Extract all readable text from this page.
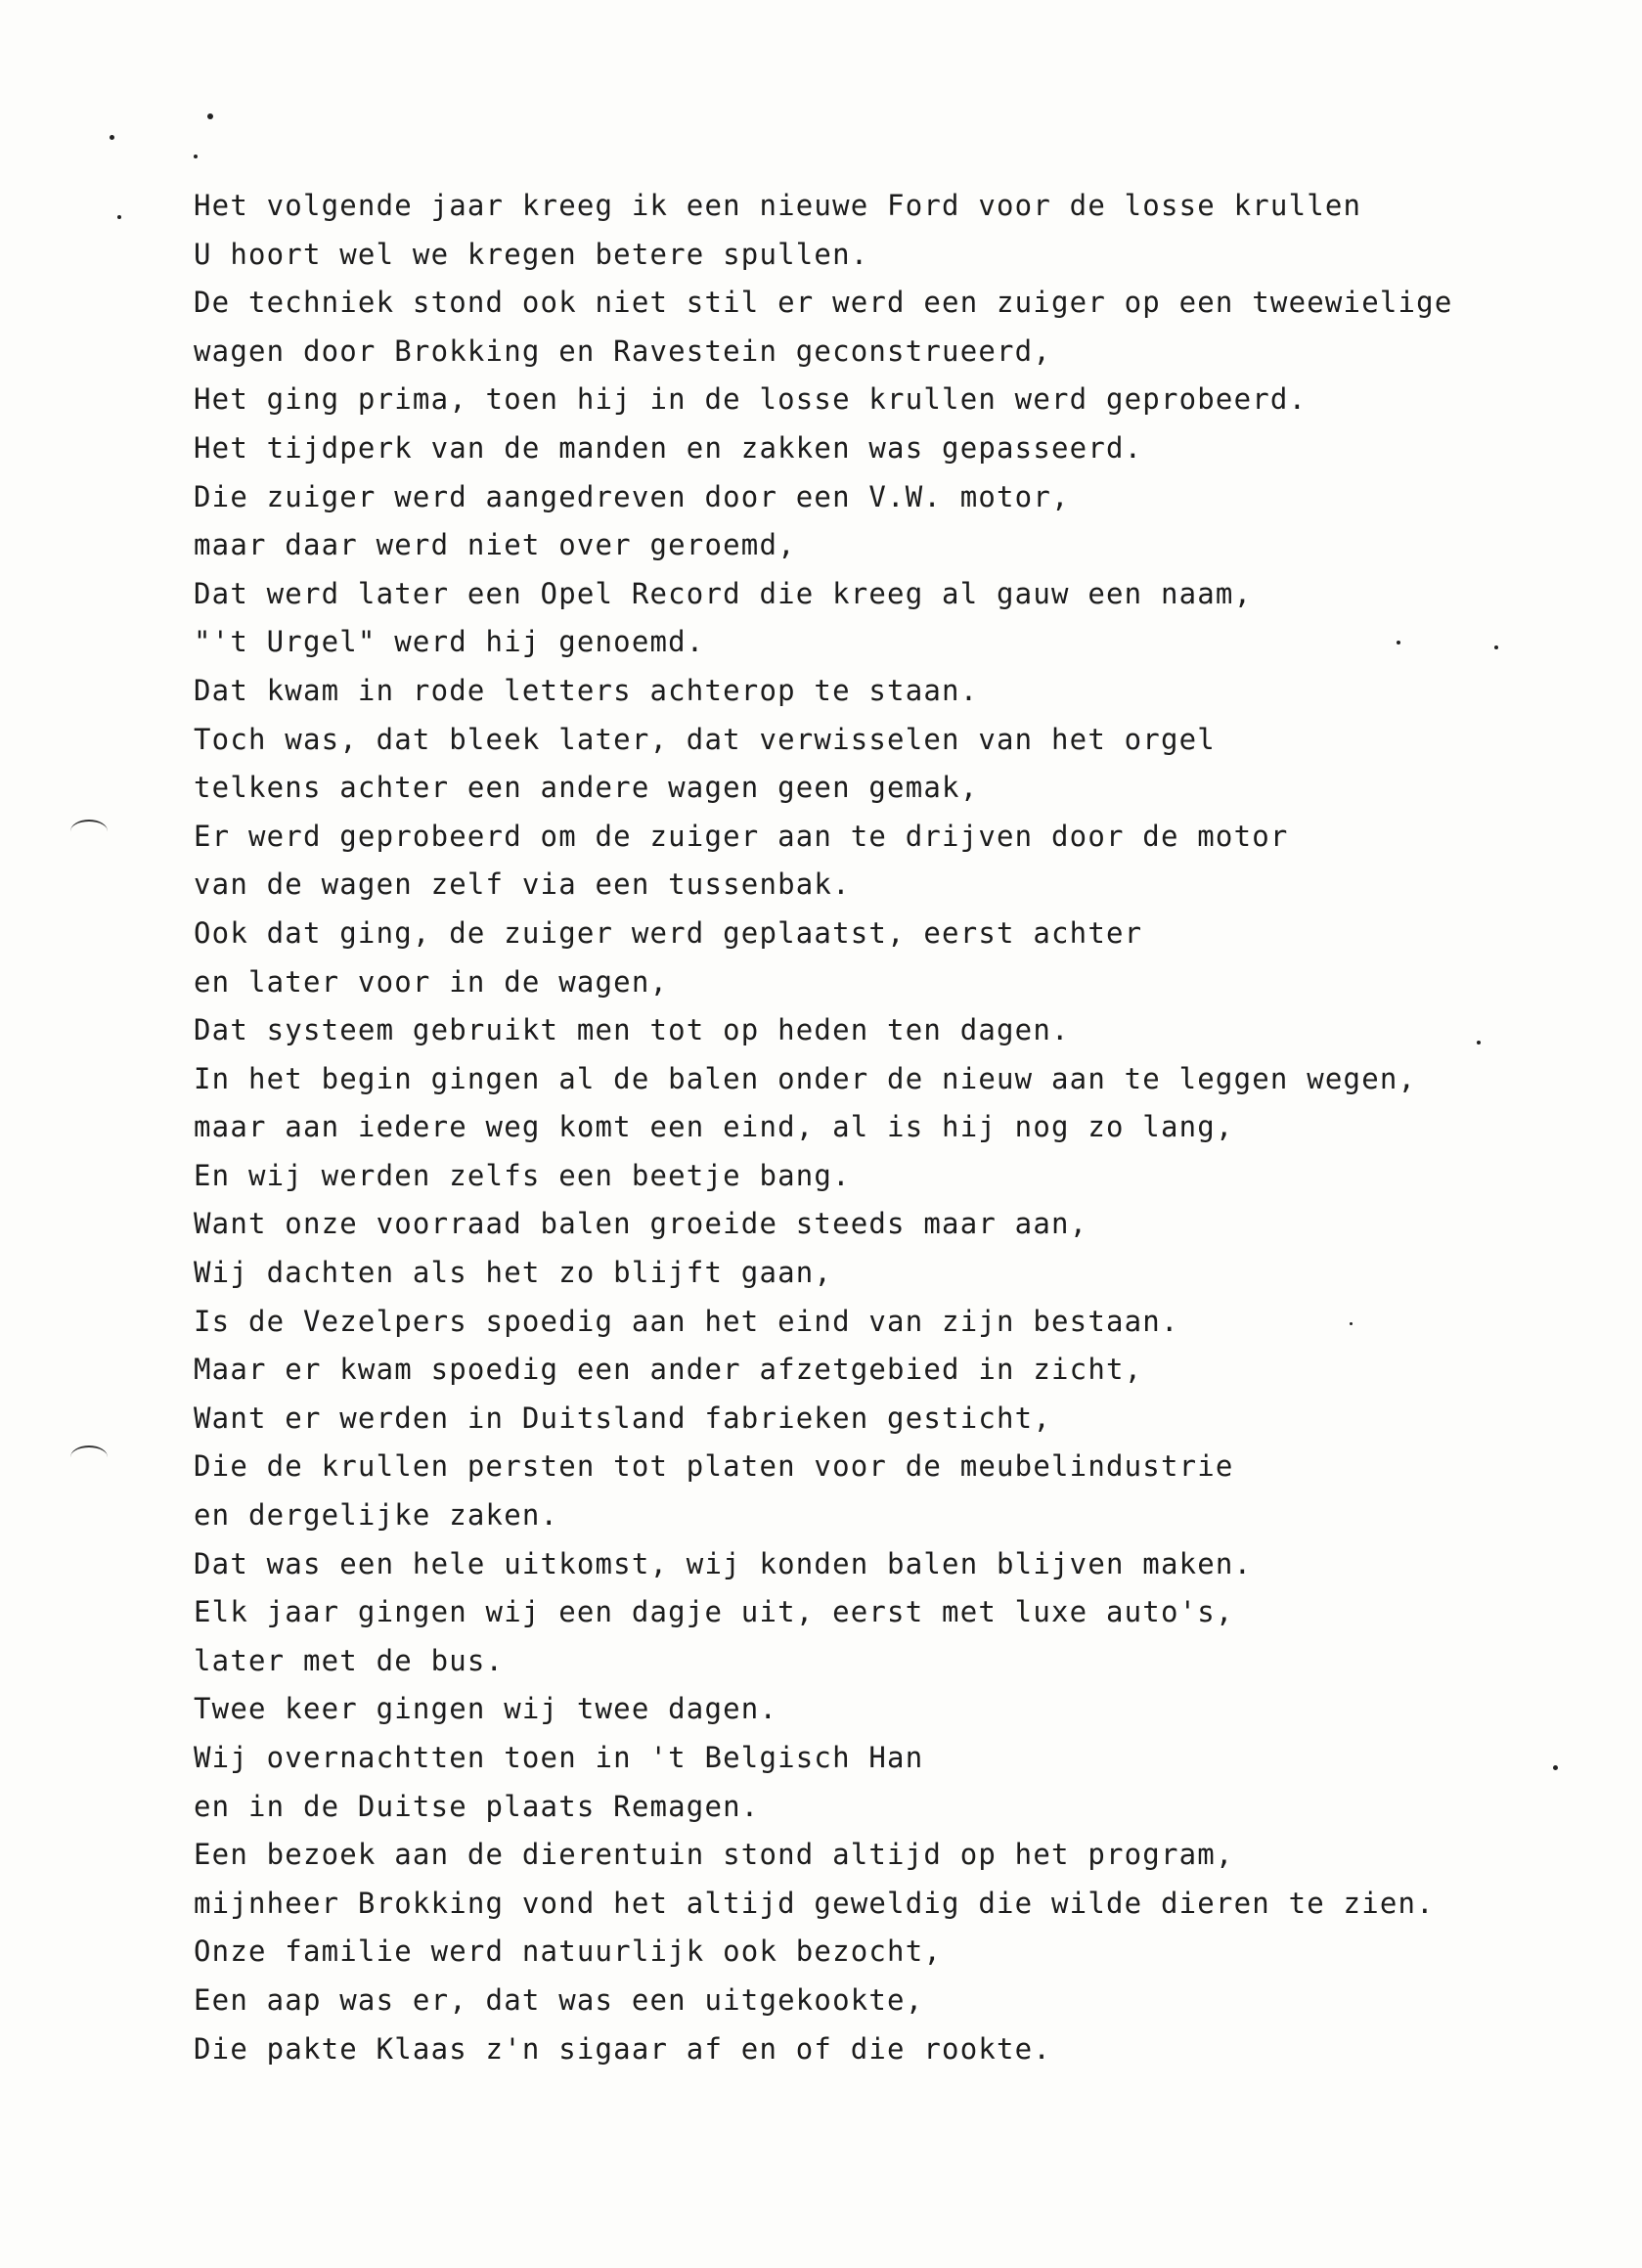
Het volgende jaar kreeg ik een nieuwe Ford voor de losse krullen
U hoort wel we kregen betere spullen.
De techniek stond ook niet stil er werd een zuiger op een tweewielige
wagen door Brokking en Ravestein geconstrueerd,
Het ging prima, toen hij in de losse krullen werd geprobeerd.
Het tijdperk van de manden en zakken was gepasseerd.
Die zuiger werd aangedreven door een V.W. motor,
maar daar werd niet over geroemd,
Dat werd later een Opel Record die kreeg al gauw een naam,
"'t Urgel" werd hij genoemd.
Dat kwam in rode letters achterop te staan.
Toch was, dat bleek later, dat verwisselen van het orgel
telkens achter een andere wagen geen gemak,
Er werd geprobeerd om de zuiger aan te drijven door de motor
van de wagen zelf via een tussenbak.
Ook dat ging, de zuiger werd geplaatst, eerst achter
en later voor in de wagen,
Dat systeem gebruikt men tot op heden ten dagen.
In het begin gingen al de balen onder de nieuw aan te leggen wegen,
maar aan iedere weg komt een eind, al is hij nog zo lang,
En wij werden zelfs een beetje bang.
Want onze voorraad balen groeide steeds maar aan,
Wij dachten als het zo blijft gaan,
Is de Vezelpers spoedig aan het eind van zijn bestaan.
Maar er kwam spoedig een ander afzetgebied in zicht,
Want er werden in Duitsland fabrieken gesticht,
Die de krullen persten tot platen voor de meubelindustrie
en dergelijke zaken.
Dat was een hele uitkomst, wij konden balen blijven maken.
Elk jaar gingen wij een dagje uit, eerst met luxe auto's,
later met de bus.
Twee keer gingen wij twee dagen.
Wij overnachtten toen in 't Belgisch Han
en in de Duitse plaats Remagen.
Een bezoek aan de dierentuin stond altijd op het program,
mijnheer Brokking vond het altijd geweldig die wilde dieren te zien.
Onze familie werd natuurlijk ook bezocht,
Een aap was er, dat was een uitgekookte,
Die pakte Klaas z'n sigaar af en of die rookte.
